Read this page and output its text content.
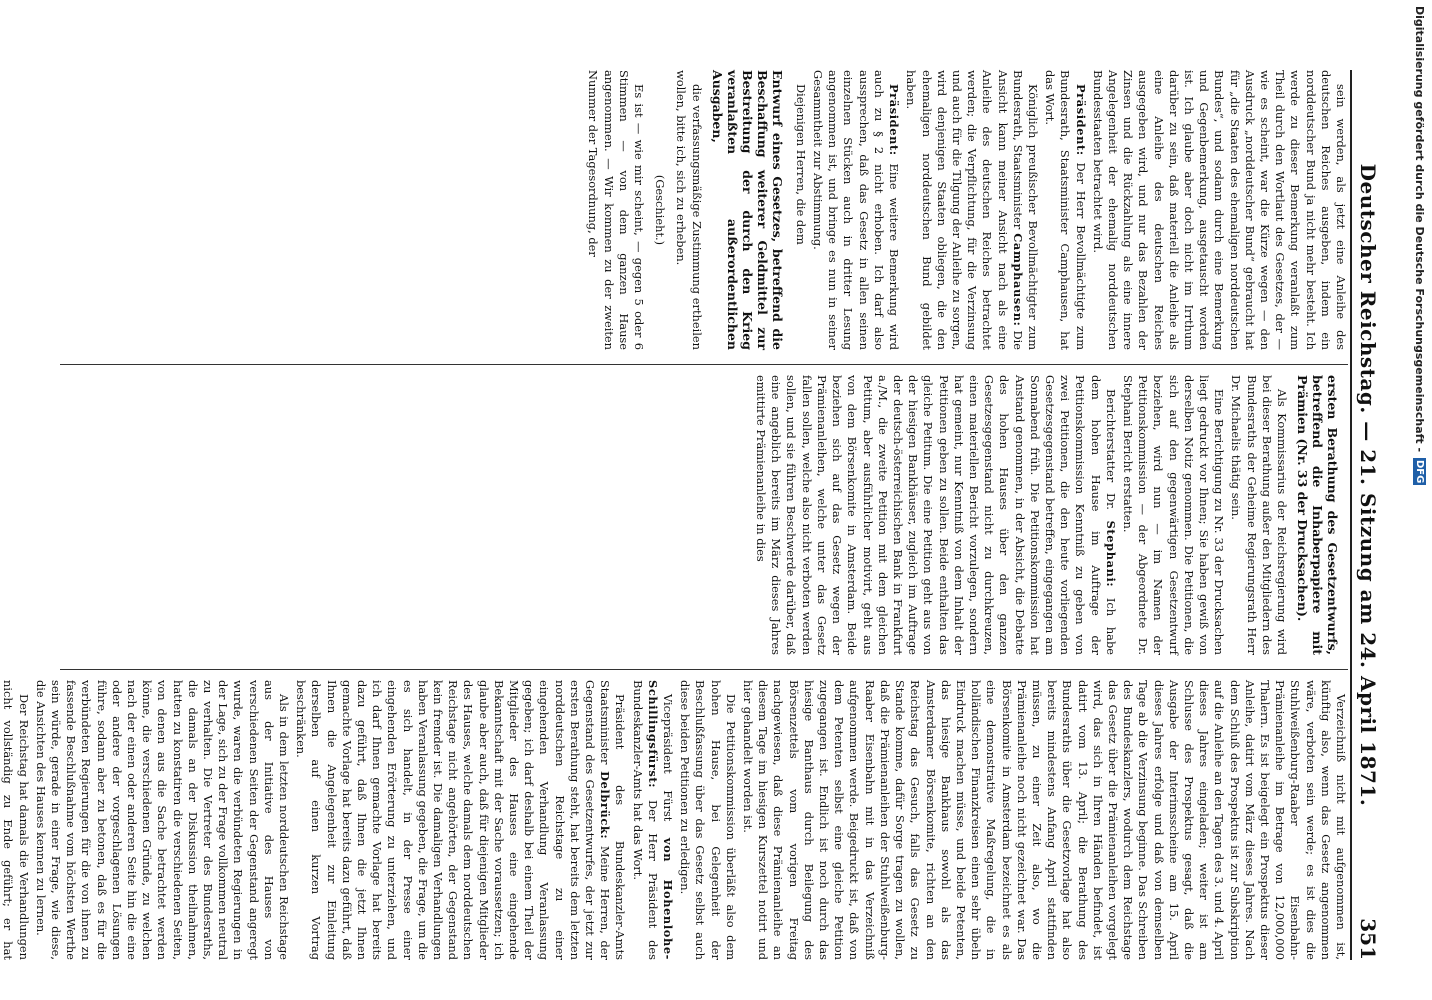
Deutscher Reichstag. — 21. Sitzung am 24. April 1871.
351

sein werden, als jetzt eine Anleihe des deutschen Reiches ausgeben, indem ein norddeutscher Bund ja nicht mehr besteht. Ich werde zu dieser Bemerkung veranlaßt zum Theil durch den Wortlaut des Gesetzes, der — wie es scheint, war die Kürze wegen — den Ausdruck „norddeutscher Bund“ gebraucht hat für „die Staaten des ehemaligen norddeutschen Bundes“, und sodann durch eine Bemerkung und Gegenbemerkung, ausgetauscht worden ist. Ich glaube aber doch nicht im Irrthum darüber zu sein, daß materiell die Anleihe als eine Anleihe des deutschen Reiches ausgegeben wird, und nur das Bezahlen der Zinsen und die Rückzahlung als eine innere Angelegenheit der ehemalig norddeutschen Bundesstaaten betrachtet wird.

Präsident: Der Herr Bevollmächtigte zum Bundesrath, Staatsminister Camphausen, hat das Wort.

Königlich preußischer Bevollmächtigter zum Bundesrath, Staatsminister Camphausen: Die Ansicht kann meiner Ansicht nach als eine Anleihe des deutschen Reiches betrachtet werden; die Verpflichtung, für die Verzinsung und auch für die Tilgung der Anleihe zu sorgen, wird denjenigen Staaten obliegen, die den ehemaligen norddeutschen Bund gebildet haben.

Präsident: Eine weitere Bemerkung wird auch zu § 2 nicht erhoben. Ich darf also aussprechen, daß das Gesetz in allen seinen einzelnen Stücken auch in dritter Lesung angenommen ist, und bringe es nun in seiner Gesammtheit zur Abstimmung.

Diejenigen Herren, die dem

Entwurf eines Gesetzes, betreffend die Beschaffung weiterer Geldmittel zur Bestreitung der durch den Krieg veranlaßten außerordentlichen Ausgaben,

die verfassungsmäßige Zustimmung ertheilen wollen, bitte ich, sich zu erheben.

(Geschieht.)

Es ist — wie mir scheint, — gegen 5 oder 6 Stimmen — von dem ganzen Hause angenommen. — Wir kommen zu der zweiten Nummer der Tagesordnung, der

ersten Berathung des Gesetzentwurfs, betreffend die Inhaberpapiere mit Prämien (Nr. 33 der Drucksachen).

Als Kommissarius der Reichsregierung wird bei dieser Berathung außer den Mitgliedern des Bundesraths der Geheime Regierungsrath Herr Dr. Michaelis thätig sein.

Eine Berichtigung zu Nr. 33 der Drucksachen liegt gedruckt vor Ihnen; Sie haben gewiß von derselben Notiz genommen. Die Petitionen, die sich auf den gegenwärtigen Gesetzentwurf beziehen, wird nun — im Namen der Petitionskommission — der Abgeordnete Dr. Stephani Bericht erstatten.

Berichterstatter Dr. Stephani: Ich habe dem hohen Hause im Auftrage der Petitionskommission Kenntniß zu geben von zwei Petitionen, die den heute vorliegenden Gesetzesgegenstand betreffen, eingegangen am Sonnabend früh. Die Petitionskommission hat Anstand genommen, in der Absicht, die Debatte des hohen Hauses über den ganzen Gesetzesgegenstand nicht zu durchkreuzen, einen materiellen Bericht vorzulegen, sondern hat gemeint, nur Kenntniß von dem Inhalt der Petitionen geben zu sollen. Beide enthalten das gleiche Petitum. Die eine Petition geht aus von der hiesigen Bankhäuser, zugleich im Auftrage der deutsch-österreichischen Bank in Frankfurt a./M., die zweite Petition mit dem gleichen Petitum, aber ausführlicher motivirt, geht aus von dem Börsenkomite in Amsterdam. Beide beziehen sich auf das Gesetz wegen der Prämienanleihen, welche unter das Gesetz fallen sollen, welche also nicht verboten werden sollen, und sie führen Beschwerde darüber, daß eine angeblich bereits im März dieses Jahres emittirte Prämienanleihe in dies

Verzeichniß nicht mit aufgenommen ist, künftig also, wenn das Gesetz angenommen wäre, verboten sein werde; es ist dies die Stuhlweißenburg-Raaber Eisenbahn-Prämienanleihe im Betrage von 12,000,000 Thalern. Es ist beigelegt ein Prospektus dieser Anleihe, datirt vom März dieses Jahres. Nach dem Schluß des Prospektus ist zur Subskription auf die Anleihe an den Tagen des 3. und 4. April dieses Jahres eingeladen; weiter ist am Schlusse des Prospektus gesagt, daß die Ausgabe der Interimsscheine am 15. April dieses Jahres erfolge und daß von demselben Tage ab die Verzinsung beginne. Das Schreiben des Bundeskanzlers, wodurch dem Reichstage das Gesetz über die Prämienanleihen vorgelegt wird, das sich in Ihren Händen befindet, ist datirt vom 13. April; die Berathung des Bundesraths über die Gesetzvorlage hat also bereits mindestens Anfang April stattfinden müssen, zu einer Zeit also, wo die Prämienanleihe noch nicht gezeichnet war. Das Börsenkomite in Amsterdam bezeichnet es als eine demonstrative Maßregelung, die in holländischen Finanzkreisen einen sehr übeln Eindruck machen müsse, und beide Petenten, das hiesige Bankhaus sowohl als das Amsterdamer Börsenkomite, richten an den Reichstag das Gesuch, falls das Gesetz zu Stande komme, dafür Sorge tragen zu wollen, daß die Prämienanleihen der Stuhlweißenburg-Raaber Eisenbahn mit in das Verzeichniß aufgenommen werde. Beigedruckt ist, daß von dem Petenten selbst eine gleiche Petition zugegangen ist. Endlich ist noch durch das hiesige Banthaus durch Beilegung des Börsenzettels vom vorigen Freitag nachgewiesen, daß diese Prämienanleihe an diesem Tage im hiesigen Kurszettel notirt und hier gehandelt worden ist.

Die Petitionskommission überläßt also dem hohen Hause, bei Gelegenheit der Beschlußfassung über das Gesetz selbst auch diese beiden Petitionen zu erledigen.

Vicepräsident Fürst von Hohenlohe-Schillingsfürst: Der Herr Präsident des Bundeskanzler-Amts hat das Wort.

Präsident des Bundeskanzler-Amts Staatsminister Delbrück: Meine Herren, der Gegenstand des Gesetzentwurfes, der jetzt zur ersten Berathung steht, hat bereits dem letzten norddeutschen Reichstage zu einer eingehenden Verhandlung Veranlassung gegeben; ich darf deshalb bei einem Theil der Mitglieder des Hauses eine eingehende Bekanntschaft mit der Sache voraussetzen; ich glaube aber auch, daß für diejenigen Mitglieder des Hauses, welche damals dem norddeutschen Reichstage nicht angehörten, der Gegenstand kein fremder ist. Die damaligen Verhandlungen haben Veranlassung gegeben, die Frage, um die es sich handelt, in der Presse einer eingehenden Erörterung zu unterziehen, und ich darf Ihnen gemachte Vorlage hat bereits dazu geführt, daß Ihnen die jetzt Ihnen gemachte Vorlage hat bereits dazu geführt, daß Ihnen die Angelegenheit zur Einleitung derselben auf einen kurzen Vortrag beschränken.

Als in dem letzten norddeutschen Reichstage aus der Initiative des Hauses von verschiedenen Seiten der Gegenstand angeregt wurde, waren die verbündeten Regierungen in der Lage, sich zu der Frage vollkommen neutral zu verhalten. Die Vertreter des Bundesraths, die damals an der Diskussion theilnahmen, hatten zu konstatiren die verschiedenen Seiten, von denen aus die Sache betrachtet werden könne, die verschiedenen Gründe, zu welchen nach der einen oder anderen Seite hin die eine oder andere der vorgeschlagenen Lösungen führe, sodann aber zu betonen, daß es für die verbündeten Regierungen für die von ihnen zu fassende Beschlußnahme vom höchsten Werthe sein würde, gerade in einer Frage, wie diese, die Ansichten des Hauses kennen zu lernen.

Der Reichstag hat damals die Verhandlungen nicht vollständig zu Ende geführt; er hat

Digitalisierung gefördert durch die Deutsche Forschungsgemeinschaft -
DFG
